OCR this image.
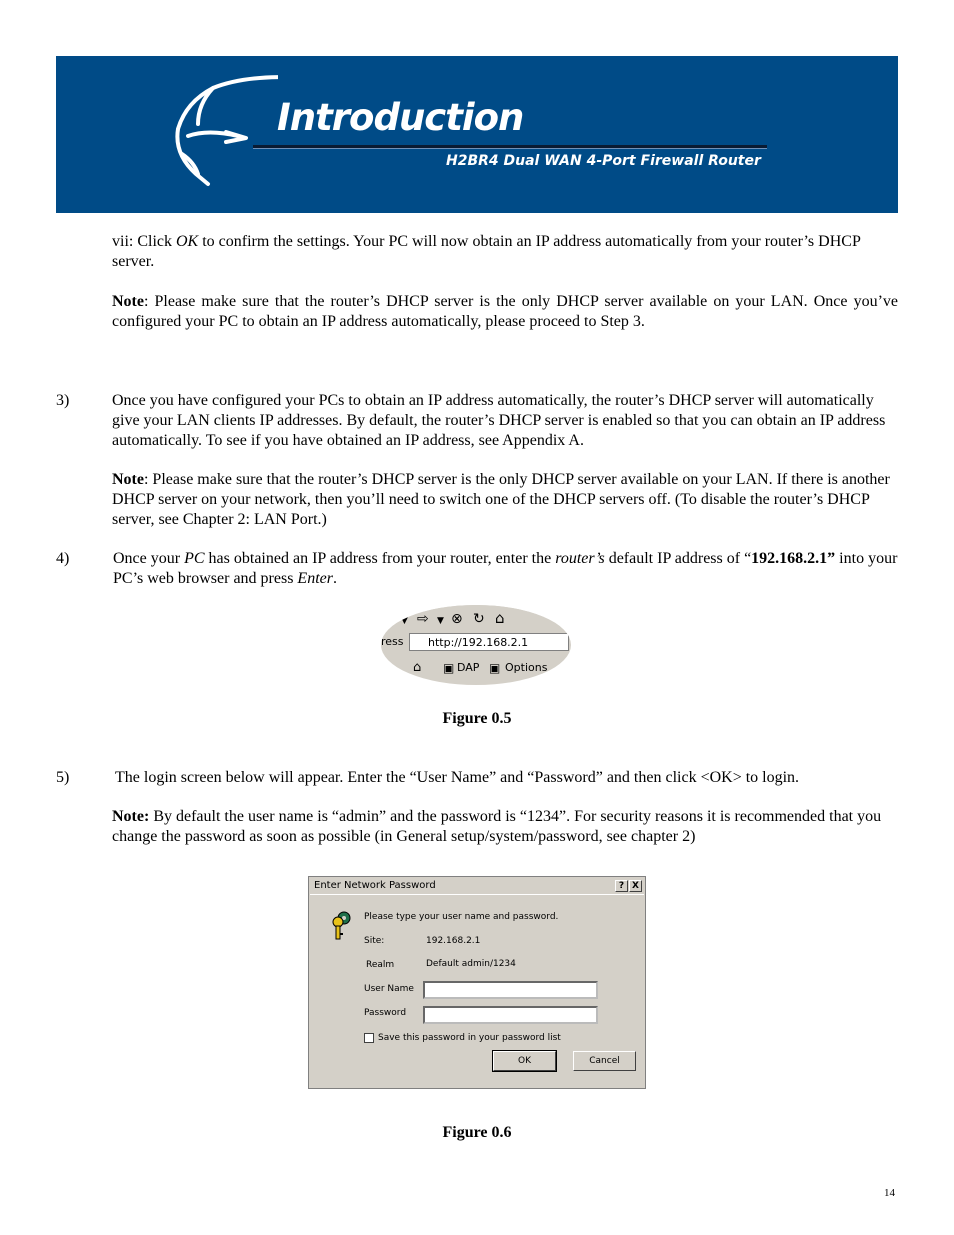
Introduction
H2BR4 Dual WAN 4-Port Firewall Router
vii: Click OK to confirm the settings. Your PC will now obtain an IP address automatically from your router’s DHCP server.
Note: Please make sure that the router’s DHCP server is the only DHCP server available on your LAN. Once you’ve configured your PC to obtain an IP address automatically, please proceed to Step 3.
3)	Once you have configured your PCs to obtain an IP address automatically, the router’s DHCP server will automatically give your LAN clients IP addresses. By default, the router’s DHCP server is enabled so that you can obtain an IP address automatically. To see if you have obtained an IP address, see Appendix A.
Note: Please make sure that the router’s DHCP server is the only DHCP server available on your LAN. If there is another DHCP server on your network, then you’ll need to switch one of the DHCP servers off. (To disable the router’s DHCP server, see Chapter 2: LAN Port.)
4)	Once your PC has obtained an IP address from your router, enter the router’s default IP address of “192.168.2.1” into your PC’s web browser and press Enter.
ck ▼ ⇨ ▼ ⊗ ↻ ⌂
ress	http://192.168.2.1
⌂ ▣ DAP ▣ Options
Figure 0.5
5)	The login screen below will appear. Enter the “User Name” and “Password” and then click <OK> to login.
Note: By default the user name is “admin” and the password is “1234”. For security reasons it is recommended that you change the password as soon as possible (in General setup/system/password, see chapter 2)
Enter Network Password	? X
Please type your user name and password.
Site:	192.168.2.1
Realm	Default admin/1234
User Name
Password
Save this password in your password list
OK	Cancel
Figure 0.6
14
